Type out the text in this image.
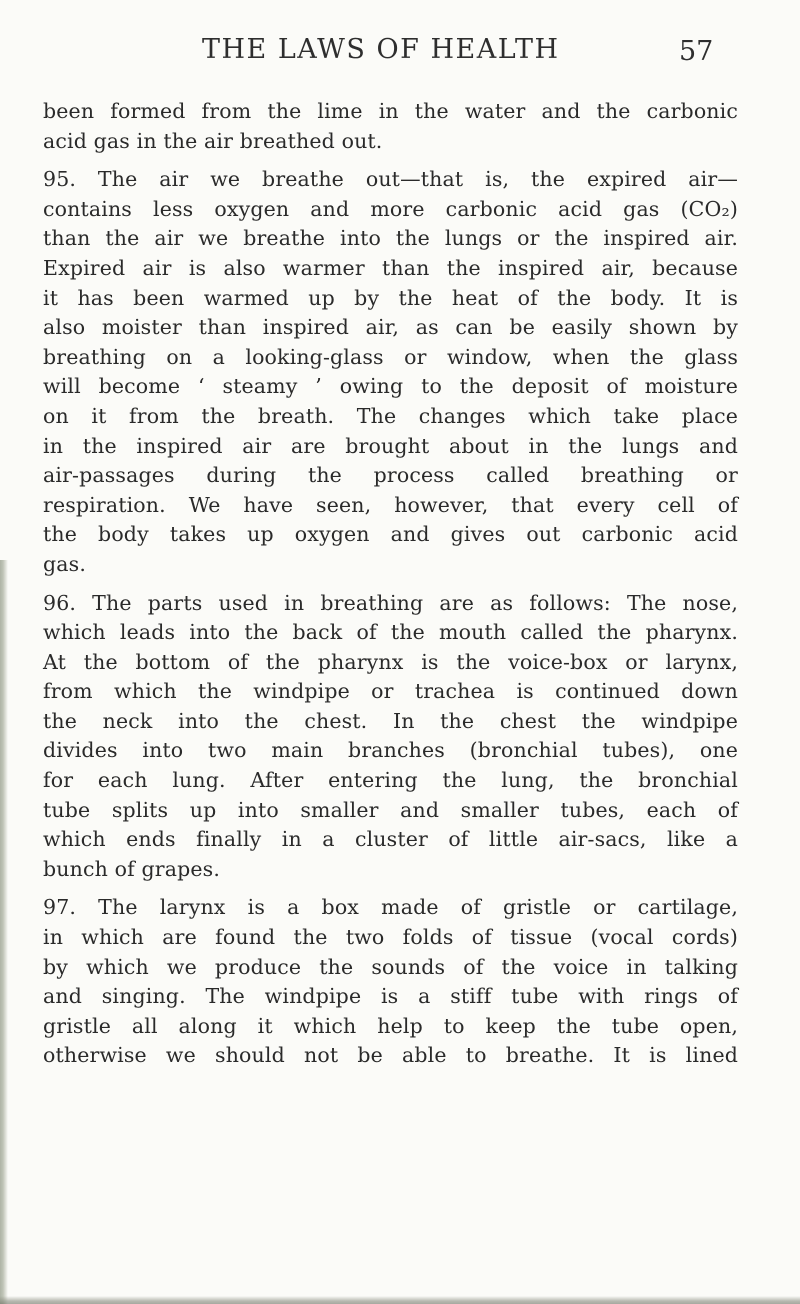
THE LAWS OF HEALTH	57
been formed from the lime in the water and the carbonic
acid gas in the air breathed out.
95. The air we breathe out—that is, the expired air—
contains less oxygen and more carbonic acid gas (CO₂)
than the air we breathe into the lungs or the inspired air.
Expired air is also warmer than the inspired air, because
it has been warmed up by the heat of the body. It is
also moister than inspired air, as can be easily shown by
breathing on a looking-glass or window, when the glass
will become ‘ steamy ’ owing to the deposit of moisture
on it from the breath. The changes which take place
in the inspired air are brought about in the lungs and
air-passages during the process called breathing or
respiration. We have seen, however, that every cell of
the body takes up oxygen and gives out carbonic acid
gas.
96. The parts used in breathing are as follows: The nose,
which leads into the back of the mouth called the pharynx.
At the bottom of the pharynx is the voice-box or larynx,
from which the windpipe or trachea is continued down
the neck into the chest. In the chest the windpipe
divides into two main branches (bronchial tubes), one
for each lung. After entering the lung, the bronchial
tube splits up into smaller and smaller tubes, each of
which ends finally in a cluster of little air-sacs, like a
bunch of grapes.
97. The larynx is a box made of gristle or cartilage,
in which are found the two folds of tissue (vocal cords)
by which we produce the sounds of the voice in talking
and singing. The windpipe is a stiff tube with rings of
gristle all along it which help to keep the tube open,
otherwise we should not be able to breathe. It is lined
